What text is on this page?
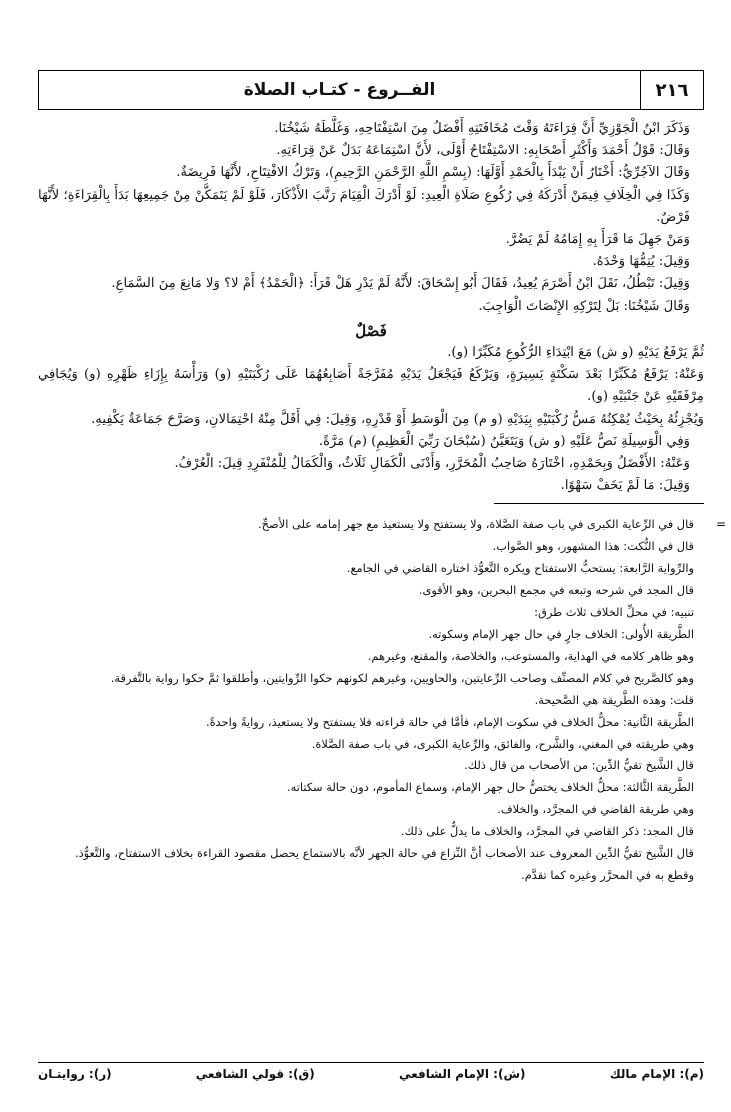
٢١٦
الفــروع - كتـاب الصلاة

وَذَكَرَ ابْنُ الْجَوْزِيِّ أَنَّ قِرَاءَتَهُ وَقْتَ مُخَافَتَتِهِ أَفْضَلُ مِنَ اسْتِفْتَاحِهِ، وَغَلَّطَهُ شَيْخُنَا.

وَقَالَ: قَوْلُ أَحْمَدَ وَأَكْثَرِ أَصْحَابِهِ: الاسْتِفْتَاحُ أَوْلَى، لأَنَّ اسْتِمَاعَهُ بَدَلٌ عَنْ قِرَاءَتِهِ.

وَقَالَ الآجُرِّيُّ: أَخْتَارُ أَنْ يَبْدَأَ بِالْحَمْدِ أَوَّلَهَا: (بِسْمِ اللَّهِ الرَّحْمَنِ الرَّحِيمِ)، وَتَرْكُ الافْتِتَاحِ، لأَنَّهَا فَرِيضَةٌ.

وَكَذَا فِي الْخِلَافِ فِيمَنْ أَدْرَكَهُ فِي رُكُوعِ صَلَاةِ الْعِيدِ: لَوْ أَدْرَكَ الْقِيَامَ رَتَّبَ الأَذْكَارَ، فَلَوْ لَمْ يَتَمَكَّنْ مِنْ جَمِيعِهَا بَدَأَ بِالْقِرَاءَةِ؛ لأَنَّهَا فَرْضٌ.

وَمَنْ جَهِلَ مَا قَرَأَ بِهِ إِمَامُهُ لَمْ يَضُرَّ.

وَقِيلَ: يُتِمُّهَا وَحْدَهُ.

وَقِيلَ: تَبْطُلُ، نَقَلَ ابْنُ أَصْرَمَ يُعِيدُ، فَقَالَ أَبُو إِسْحَاقَ: لأَنَّهُ لَمْ يَدْرِ هَلْ قَرَأَ: ﴿الْحَمْدُ﴾ أَمْ لا؟ وَلا مَانِعَ مِنَ السَّمَاعِ.

وَقَالَ شَيْخُنَا: بَلْ لِتَرْكِهِ الإِنْصَاتَ الْوَاجِبَ.

فَصْلٌ

ثُمَّ يَرْفَعُ يَدَيْهِ (و ش) مَعَ ابْتِدَاءِ الرُّكُوعِ مُكَبِّرًا (و).

وَعَنْهُ: يَرْفَعُ مُكَبِّرًا بَعْدَ سَكْتَةٍ يَسِيرَةٍ، وَيَرْكَعُ فَيَجْعَلُ يَدَيْهِ مُفَرَّجَةً أَصَابِعُهُمَا عَلَى رُكْبَتَيْهِ (و) وَرَأْسَهُ بِإِزَاءِ ظَهْرِهِ (و) وَيُجَافِي مِرْفَقَيْهِ عَنْ جَنْبَيْهِ (و).

وَيُجْزِئُهُ بِحَيْثُ يُمْكِنُهُ مَسُّ رُكْبَتَيْهِ بِيَدَيْهِ (و م) مِنَ الْوَسَطِ أَوْ قَدْرِهِ، وَقِيلَ: فِي أَقَلَّ مِنْهُ احْتِمَالانِ، وَصَرَّحَ جَمَاعَةٌ يَكْفِيهِ.

وَفِي الْوَسِيلَةِ نَصُّ عَلَيْهِ (و ش) وَيَتَعَيَّنُ (سُبْحَانَ رَبِّيَ الْعَظِيمِ) (م) مَرَّةً.

وَعَنْهُ: الأَفْضَلُ وَبِحَمْدِهِ، اخْتَارَهُ صَاحِبُ الْمُحَرَّرِ، وَأَدْنَى الْكَمَالِ ثَلَاثٌ، وَالْكَمَالُ لِلْمُنْفَرِدِ قِيلَ: الْعُرْفُ.

وَقِيلَ: مَا لَمْ يَخَفْ سَهْوًا.

=
قال في الرِّعاية الكبرى في باب صفة الصَّلاة، ولا يستفتح ولا يستعيذ مع جهر إمامه على الأصحِّ.

قال في النُّكت: هذا المشهور، وهو الصَّواب.

والرِّواية الرَّابعة: يستحبُّ الاستفتاح ويكره التَّعوُّذ اختاره القاضي في الجامع.

قال المجد في شرحه وتبعه في مجمع البحرين، وهو الأقوى.

تنبيه: في محلِّ الخلاف ثلاث طرق:

الطَّريقة الأُولى: الخلاف جارٍ في حال جهر الإمام وسكوته.

وهو ظاهر كلامه في الهداية، والمستوعب، والخلاصة، والمقنع، وغيرهم.

وهو كالصَّريح في كلام المصنِّف وصاحب الرِّعايتين، والحاويين، وغيرهم لكونهم حكوا الرِّوايتين، وأطلقوا ثمَّ حكوا رواية بالتَّفرقة.

قلت: وهذه الطَّريقة هي الصَّحيحة.

الطَّريقة الثَّانية: محلُّ الخلاف في سكوت الإمام، فأمَّا في حالة قراءته فلا يستفتح ولا يستعيذ، روايةً واحدةً.

وهي طريقته في المغني، والشَّرح، والفائق، والرِّعاية الكبرى، في باب صفة الصَّلاة.

قال الشَّيخ تقيُّ الدِّين: من الأصحاب من قال ذلك.

الطَّريقة الثَّالثة: محلُّ الخلاف يختصُّ حال جهر الإمام، وسماع المأموم، دون حالة سكتاته.

وهي طريقة القاضي في المجرَّد، والخلاف.

قال المجد: ذكر القاضي في المجرَّد، والخلاف ما يدلُّ على ذلك.

قال الشَّيخ تقيُّ الدِّين المعروف عند الأصحاب أنَّ النِّزاع في حالة الجهر لأنَّه بالاستماع يحصل مقصود القراءة بخلاف الاستفتاح، والتَّعوُّذ.

وقطع به في المحرَّر وغيره كما تقدَّم.

(م): الإمام مالك
(ش): الإمام الشافعي
(ق): قولي الشافعي
(ر): روايتـان
